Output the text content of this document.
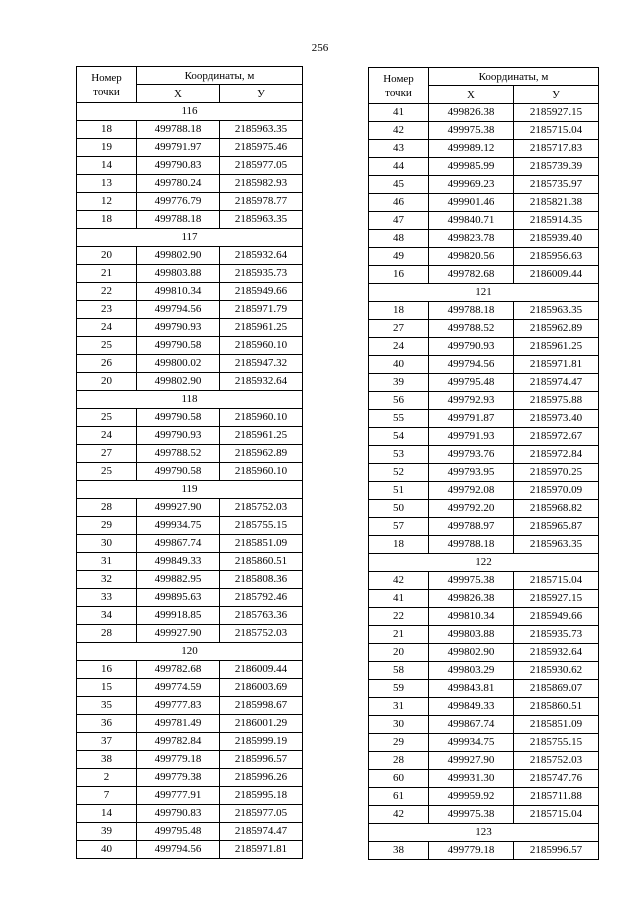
256
Номер
точки	Координаты, м	
	X	У
116		
18	499788.18	2185963.35
19	499791.97	2185975.46
14	499790.83	2185977.05
13	499780.24	2185982.93
12	499776.79	2185978.77
18	499788.18	2185963.35
117		
20	499802.90	2185932.64
21	499803.88	2185935.73
22	499810.34	2185949.66
23	499794.56	2185971.79
24	499790.93	2185961.25
25	499790.58	2185960.10
26	499800.02	2185947.32
20	499802.90	2185932.64
118		
25	499790.58	2185960.10
24	499790.93	2185961.25
27	499788.52	2185962.89
25	499790.58	2185960.10
119		
28	499927.90	2185752.03
29	499934.75	2185755.15
30	499867.74	2185851.09
31	499849.33	2185860.51
32	499882.95	2185808.36
33	499895.63	2185792.46
34	499918.85	2185763.36
28	499927.90	2185752.03
120		
16	499782.68	2186009.44
15	499774.59	2186003.69
35	499777.83	2185998.67
36	499781.49	2186001.29
37	499782.84	2185999.19
38	499779.18	2185996.57
2	499779.38	2185996.26
7	499777.91	2185995.18
14	499790.83	2185977.05
39	499795.48	2185974.47
40	499794.56	2185971.81
Номер
точки	Координаты, м	
	X	У
41	499826.38	2185927.15
42	499975.38	2185715.04
43	499989.12	2185717.83
44	499985.99	2185739.39
45	499969.23	2185735.97
46	499901.46	2185821.38
47	499840.71	2185914.35
48	499823.78	2185939.40
49	499820.56	2185956.63
16	499782.68	2186009.44
121		
18	499788.18	2185963.35
27	499788.52	2185962.89
24	499790.93	2185961.25
40	499794.56	2185971.81
39	499795.48	2185974.47
56	499792.93	2185975.88
55	499791.87	2185973.40
54	499791.93	2185972.67
53	499793.76	2185972.84
52	499793.95	2185970.25
51	499792.08	2185970.09
50	499792.20	2185968.82
57	499788.97	2185965.87
18	499788.18	2185963.35
122		
42	499975.38	2185715.04
41	499826.38	2185927.15
22	499810.34	2185949.66
21	499803.88	2185935.73
20	499802.90	2185932.64
58	499803.29	2185930.62
59	499843.81	2185869.07
31	499849.33	2185860.51
30	499867.74	2185851.09
29	499934.75	2185755.15
28	499927.90	2185752.03
60	499931.30	2185747.76
61	499959.92	2185711.88
42	499975.38	2185715.04
123		
38	499779.18	2185996.57
